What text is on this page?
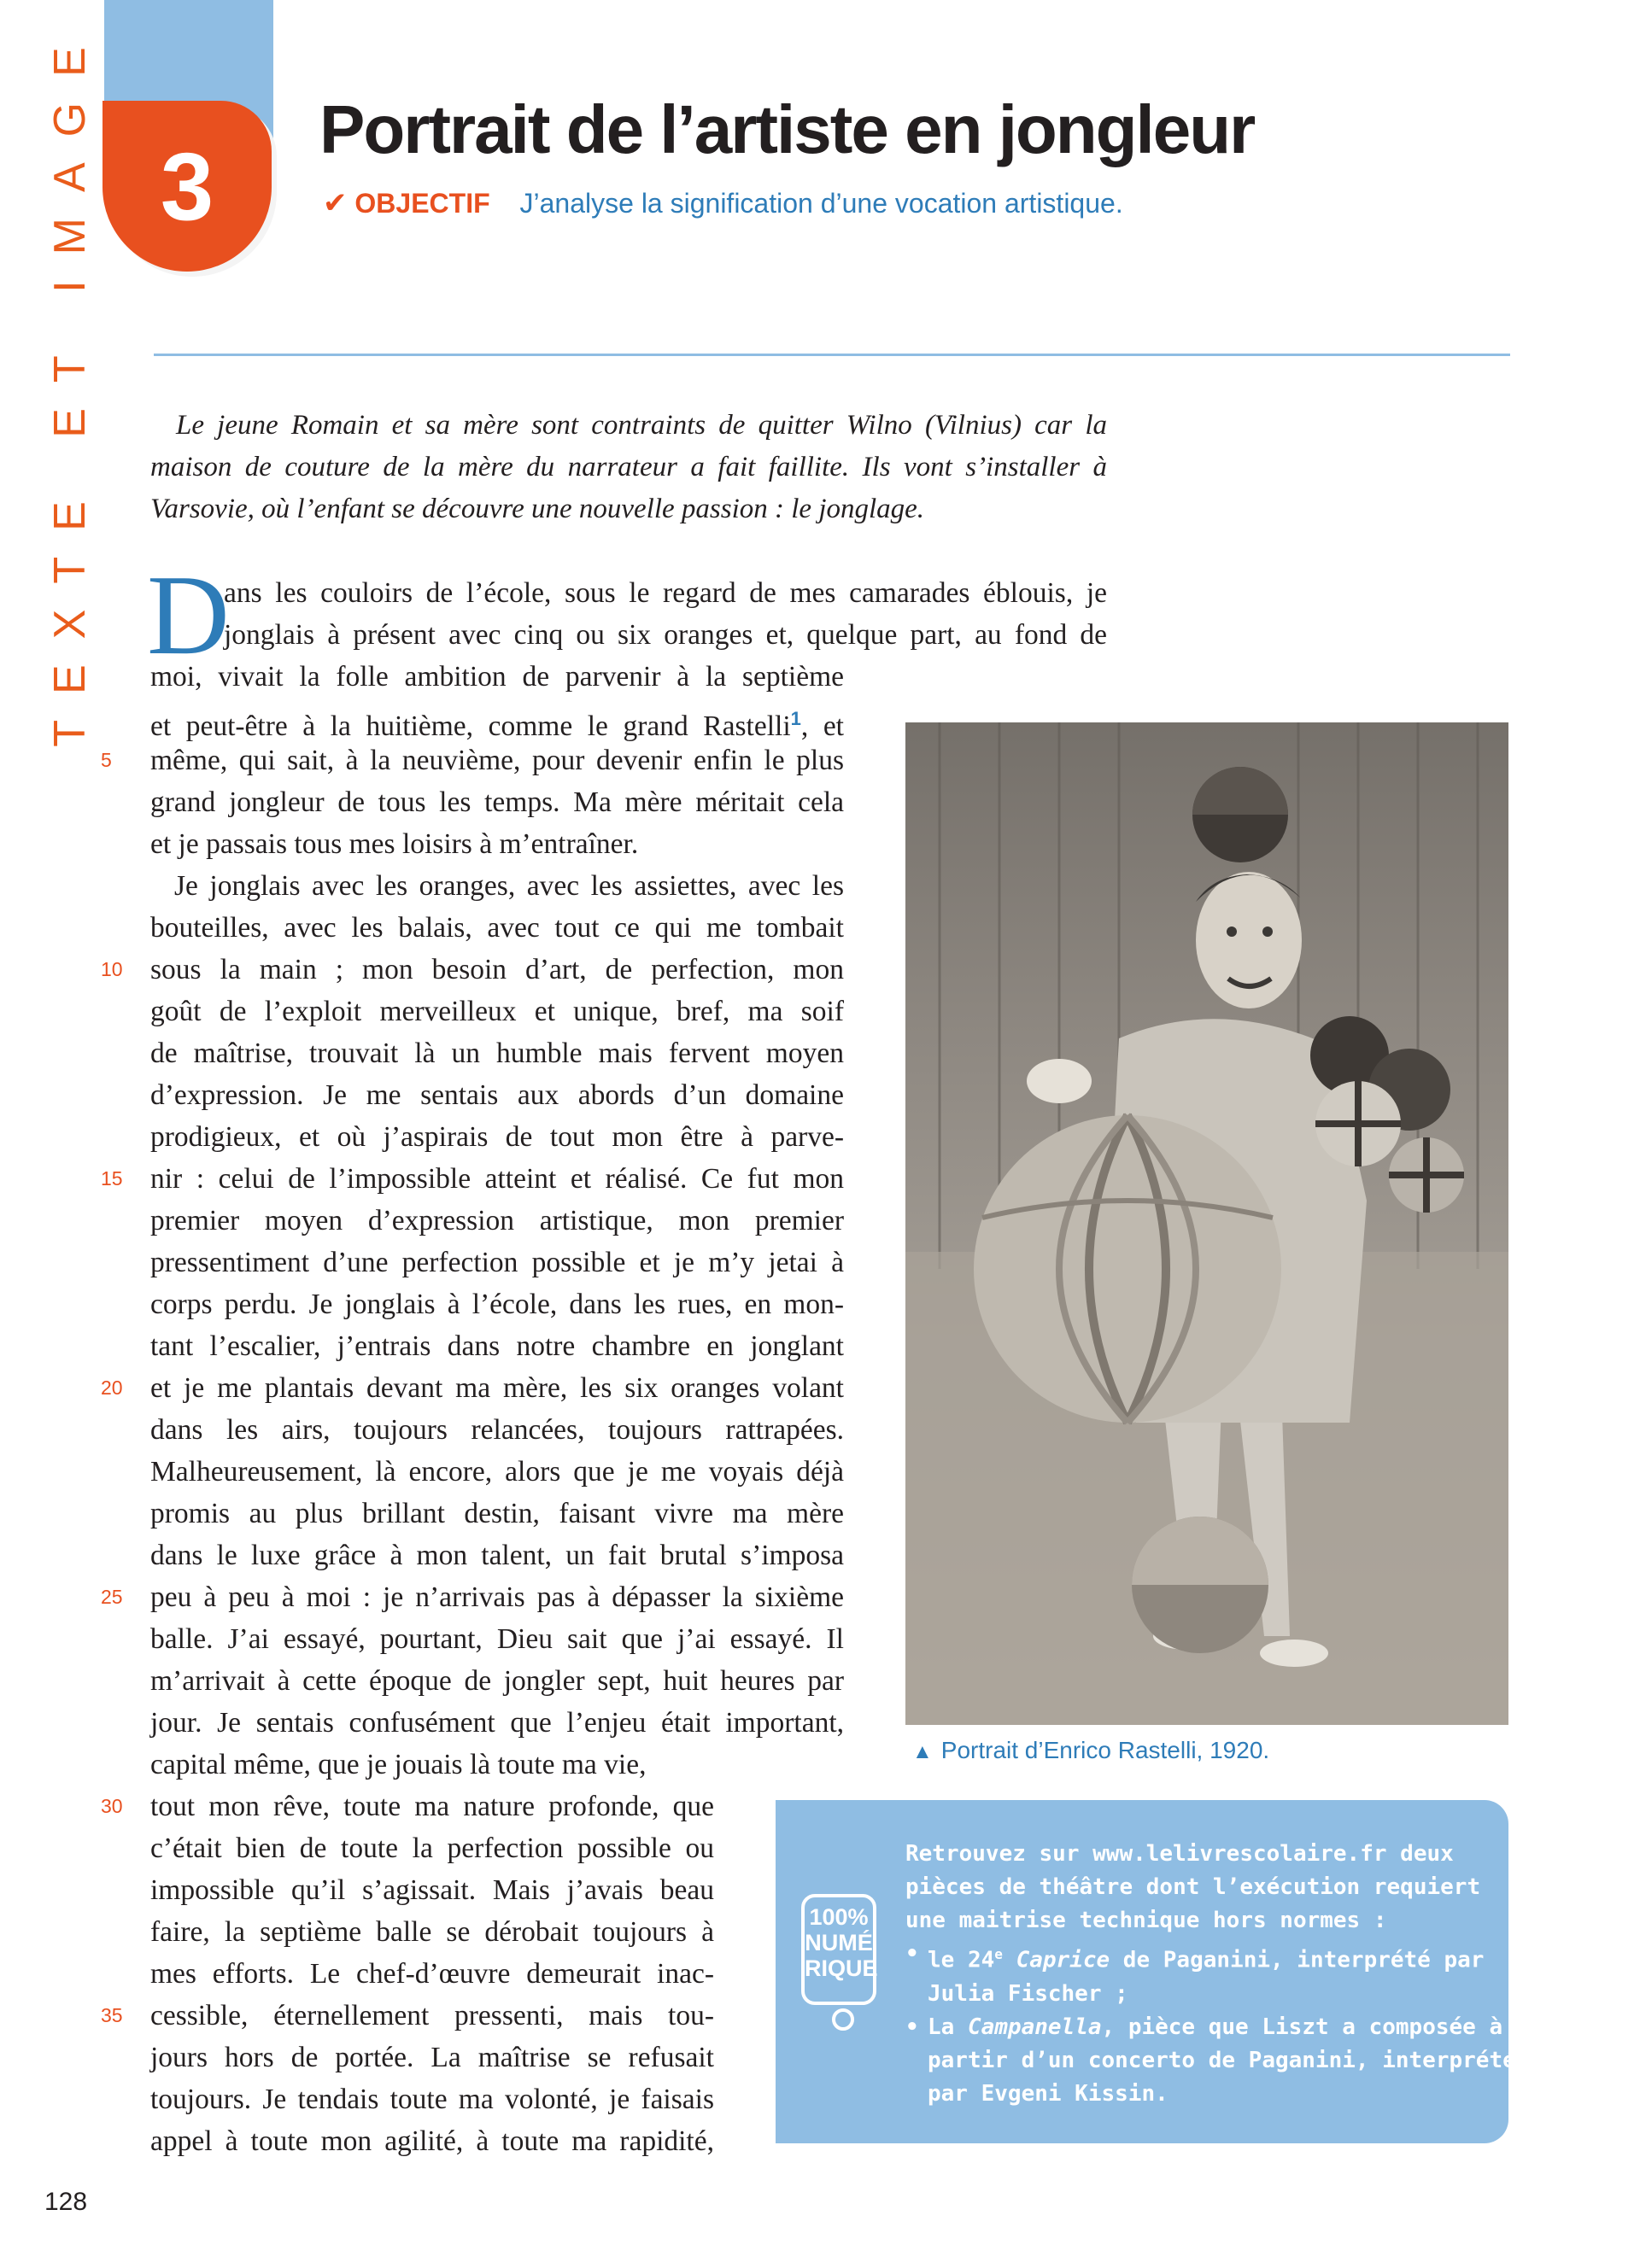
TEXTE ET IMAGE 3
Portrait de l’artiste en jongleur
✔ OBJECTIF J’analyse la signification d’une vocation artistique.

Le jeune Romain et sa mère sont contraints de quitter Wilno (Vilnius) car la maison de couture de la mère du narrateur a fait faillite. Ils vont s’installer à Varsovie, où l’enfant se découvre une nouvelle passion : le jonglage.

D
ans les couloirs de l’école, sous le regard de mes camarades éblouis, je
jonglais à présent avec cinq ou six oranges et, quelque part, au fond de
moi, vivait la folle ambition de parvenir à la septième
et peut-être à la huitième, comme le grand Rastelli$^1$, et
même, qui sait, à la neuvième, pour devenir enfin le plus
grand jongleur de tous les temps. Ma mère méritait cela
et je passais tous mes loisirs à m’entraîner.
Je jonglais avec les oranges, avec les assiettes, avec les
bouteilles, avec les balais, avec tout ce qui me tombait
sous la main ; mon besoin d’art, de perfection, mon
goût de l’exploit merveilleux et unique, bref, ma soif
de maîtrise, trouvait là un humble mais fervent moyen
d’expression. Je me sentais aux abords d’un domaine
prodigieux, et où j’aspirais de tout mon être à parve-
nir : celui de l’impossible atteint et réalisé. Ce fut mon
premier moyen d’expression artistique, mon premier
pressentiment d’une perfection possible et je m’y jetai à
corps perdu. Je jonglais à l’école, dans les rues, en mon-
tant l’escalier, j’entrais dans notre chambre en jonglant
et je me plantais devant ma mère, les six oranges volant
dans les airs, toujours relancées, toujours rattrapées.
Malheureusement, là encore, alors que je me voyais déjà
promis au plus brillant destin, faisant vivre ma mère
dans le luxe grâce à mon talent, un fait brutal s’imposa
peu à peu à moi : je n’arrivais pas à dépasser la sixième
balle. J’ai essayé, pourtant, Dieu sait que j’ai essayé. Il
m’arrivait à cette époque de jongler sept, huit heures par
jour. Je sentais confusément que l’enjeu était important,
capital même, que je jouais là toute ma vie,
tout mon rêve, toute ma nature profonde, que
c’était bien de toute la perfection possible ou
impossible qu’il s’agissait. Mais j’avais beau
faire, la septième balle se dérobait toujours à
mes efforts. Le chef-d’œuvre demeurait inac-
cessible, éternellement pressenti, mais tou-
jours hors de portée. La maîtrise se refusait
toujours. Je tendais toute ma volonté, je faisais
appel à toute mon agilité, à toute ma rapidité,
5
10
15
20
25
30
35
▲ Portrait d’Enrico Rastelli, 1920.
100%
NUMÉ
RIQUE
Retrouvez sur www.lelivrescolaire.fr deux
pièces de théâtre dont l’exécution requiert
une maitrise technique hors normes :
• le 24e Caprice de Paganini, interprété par
Julia Fischer ;
• La Campanella, pièce que Liszt a composée à
partir d’un concerto de Paganini, interprétée
par Evgeni Kissin.
128
